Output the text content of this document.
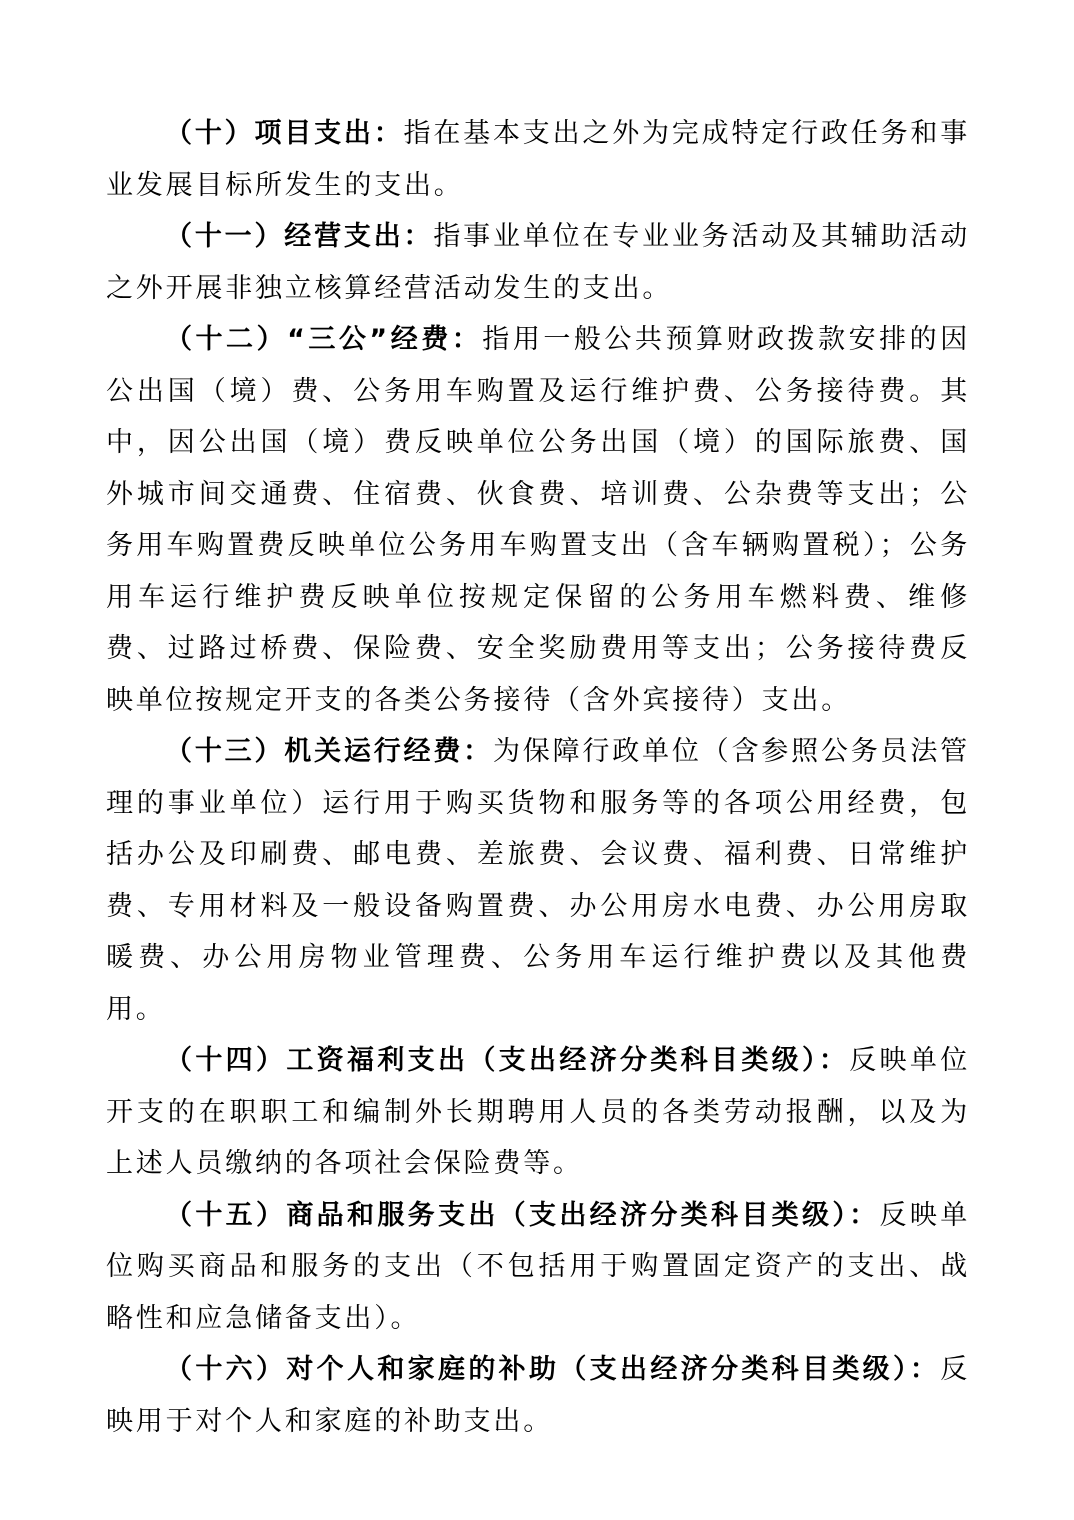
（十）项目支出：指在基本支出之外为完成特定行政任务和事业发展目标所发生的支出。

（十一）经营支出：指事业单位在专业业务活动及其辅助活动之外开展非独立核算经营活动发生的支出。

（十二）“三公”经费：指用一般公共预算财政拨款安排的因公出国（境）费、公务用车购置及运行维护费、公务接待费。其中，因公出国（境）费反映单位公务出国（境）的国际旅费、国外城市间交通费、住宿费、伙食费、培训费、公杂费等支出；公务用车购置费反映单位公务用车购置支出（含车辆购置税）；公务用车运行维护费反映单位按规定保留的公务用车燃料费、维修费、过路过桥费、保险费、安全奖励费用等支出；公务接待费反映单位按规定开支的各类公务接待（含外宾接待）支出。

（十三）机关运行经费：为保障行政单位（含参照公务员法管理的事业单位）运行用于购买货物和服务等的各项公用经费，包括办公及印刷费、邮电费、差旅费、会议费、福利费、日常维护费、专用材料及一般设备购置费、办公用房水电费、办公用房取暖费、办公用房物业管理费、公务用车运行维护费以及其他费用。

（十四）工资福利支出（支出经济分类科目类级）：反映单位开支的在职职工和编制外长期聘用人员的各类劳动报酬，以及为上述人员缴纳的各项社会保险费等。

（十五）商品和服务支出（支出经济分类科目类级）：反映单位购买商品和服务的支出（不包括用于购置固定资产的支出、战略性和应急储备支出）。

（十六）对个人和家庭的补助（支出经济分类科目类级）：反映用于对个人和家庭的补助支出。
